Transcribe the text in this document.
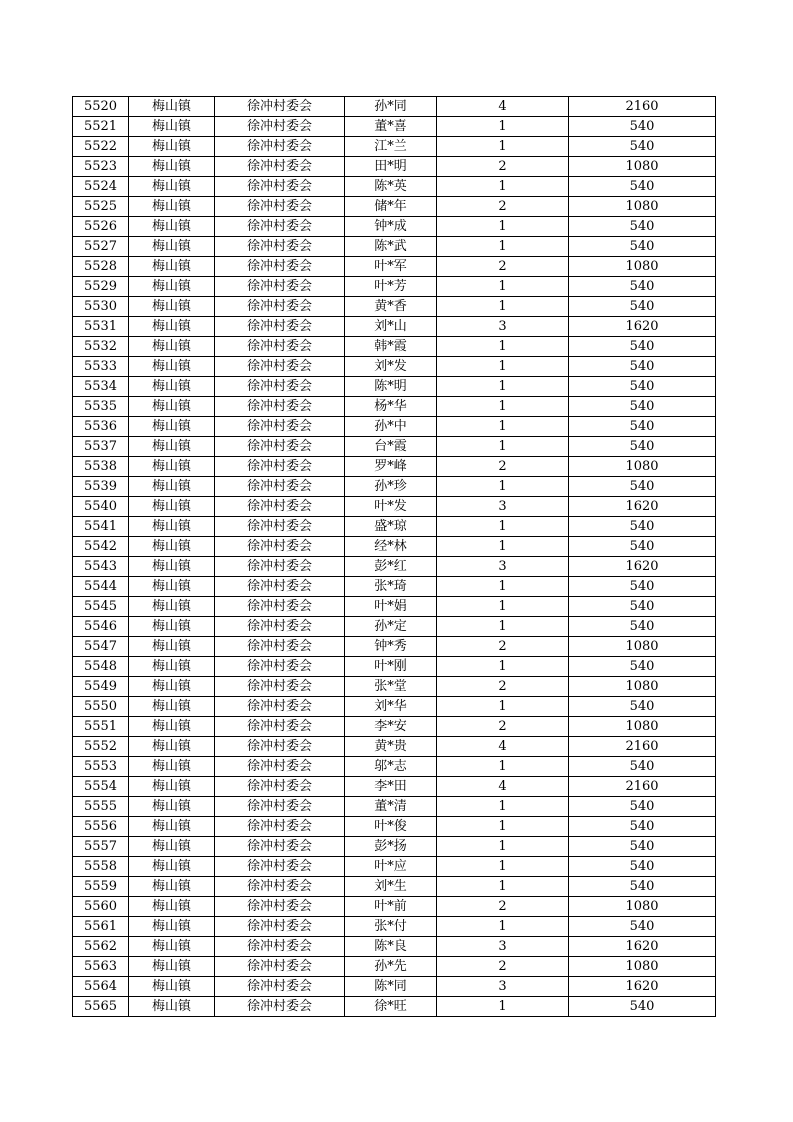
5520	梅山镇	徐冲村委会	孙*同	4	2160
5521	梅山镇	徐冲村委会	董*喜	1	540
5522	梅山镇	徐冲村委会	江*兰	1	540
5523	梅山镇	徐冲村委会	田*明	2	1080
5524	梅山镇	徐冲村委会	陈*英	1	540
5525	梅山镇	徐冲村委会	储*年	2	1080
5526	梅山镇	徐冲村委会	钟*成	1	540
5527	梅山镇	徐冲村委会	陈*武	1	540
5528	梅山镇	徐冲村委会	叶*军	2	1080
5529	梅山镇	徐冲村委会	叶*芳	1	540
5530	梅山镇	徐冲村委会	黄*香	1	540
5531	梅山镇	徐冲村委会	刘*山	3	1620
5532	梅山镇	徐冲村委会	韩*霞	1	540
5533	梅山镇	徐冲村委会	刘*发	1	540
5534	梅山镇	徐冲村委会	陈*明	1	540
5535	梅山镇	徐冲村委会	杨*华	1	540
5536	梅山镇	徐冲村委会	孙*中	1	540
5537	梅山镇	徐冲村委会	台*霞	1	540
5538	梅山镇	徐冲村委会	罗*峰	2	1080
5539	梅山镇	徐冲村委会	孙*珍	1	540
5540	梅山镇	徐冲村委会	叶*发	3	1620
5541	梅山镇	徐冲村委会	盛*琼	1	540
5542	梅山镇	徐冲村委会	经*林	1	540
5543	梅山镇	徐冲村委会	彭*红	3	1620
5544	梅山镇	徐冲村委会	张*琦	1	540
5545	梅山镇	徐冲村委会	叶*娟	1	540
5546	梅山镇	徐冲村委会	孙*定	1	540
5547	梅山镇	徐冲村委会	钟*秀	2	1080
5548	梅山镇	徐冲村委会	叶*刚	1	540
5549	梅山镇	徐冲村委会	张*堂	2	1080
5550	梅山镇	徐冲村委会	刘*华	1	540
5551	梅山镇	徐冲村委会	李*安	2	1080
5552	梅山镇	徐冲村委会	黄*贵	4	2160
5553	梅山镇	徐冲村委会	邬*志	1	540
5554	梅山镇	徐冲村委会	李*田	4	2160
5555	梅山镇	徐冲村委会	董*清	1	540
5556	梅山镇	徐冲村委会	叶*俊	1	540
5557	梅山镇	徐冲村委会	彭*扬	1	540
5558	梅山镇	徐冲村委会	叶*应	1	540
5559	梅山镇	徐冲村委会	刘*生	1	540
5560	梅山镇	徐冲村委会	叶*前	2	1080
5561	梅山镇	徐冲村委会	张*付	1	540
5562	梅山镇	徐冲村委会	陈*良	3	1620
5563	梅山镇	徐冲村委会	孙*先	2	1080
5564	梅山镇	徐冲村委会	陈*同	3	1620
5565	梅山镇	徐冲村委会	徐*旺	1	540
